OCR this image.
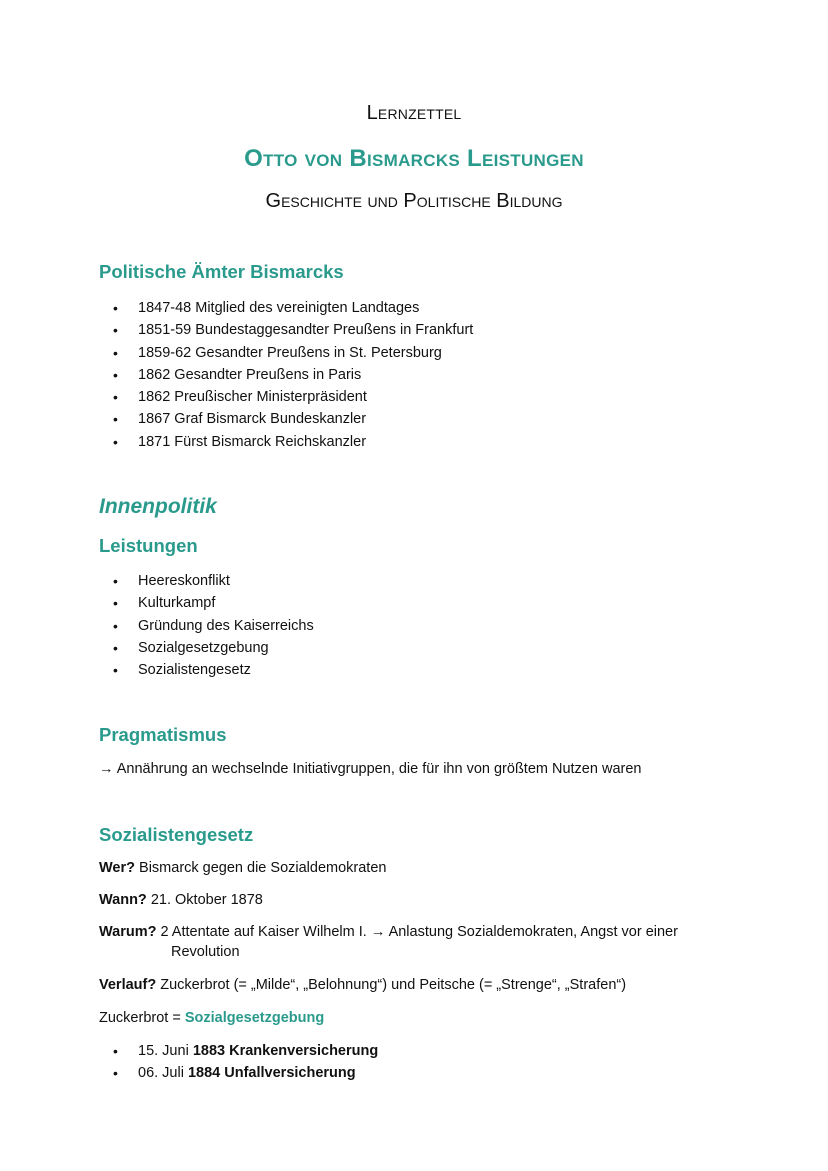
Lernzettel
Otto von Bismarcks Leistungen
Geschichte und Politische Bildung
Politische Ämter Bismarcks
• 1847-48 Mitglied des vereinigten Landtages
• 1851-59 Bundestaggesandter Preußens in Frankfurt
• 1859-62 Gesandter Preußens in St. Petersburg
• 1862 Gesandter Preußens in Paris
• 1862 Preußischer Ministerpräsident
• 1867 Graf Bismarck Bundeskanzler
• 1871 Fürst Bismarck Reichskanzler
Innenpolitik
Leistungen
• Heereskonflikt
• Kulturkampf
• Gründung des Kaiserreichs
• Sozialgesetzgebung
• Sozialistengesetz
Pragmatismus
→ Annährung an wechselnde Initiativgruppen, die für ihn von größtem Nutzen waren
Sozialistengesetz
Wer? Bismarck gegen die Sozialdemokraten
Wann? 21. Oktober 1878
Warum? 2 Attentate auf Kaiser Wilhelm I. → Anlastung Sozialdemokraten, Angst vor einer
Revolution
Verlauf? Zuckerbrot (= „Milde“, „Belohnung“) und Peitsche (= „Strenge“, „Strafen“)
Zuckerbrot = Sozialgesetzgebung
• 15. Juni 1883 Krankenversicherung
• 06. Juli 1884 Unfallversicherung
